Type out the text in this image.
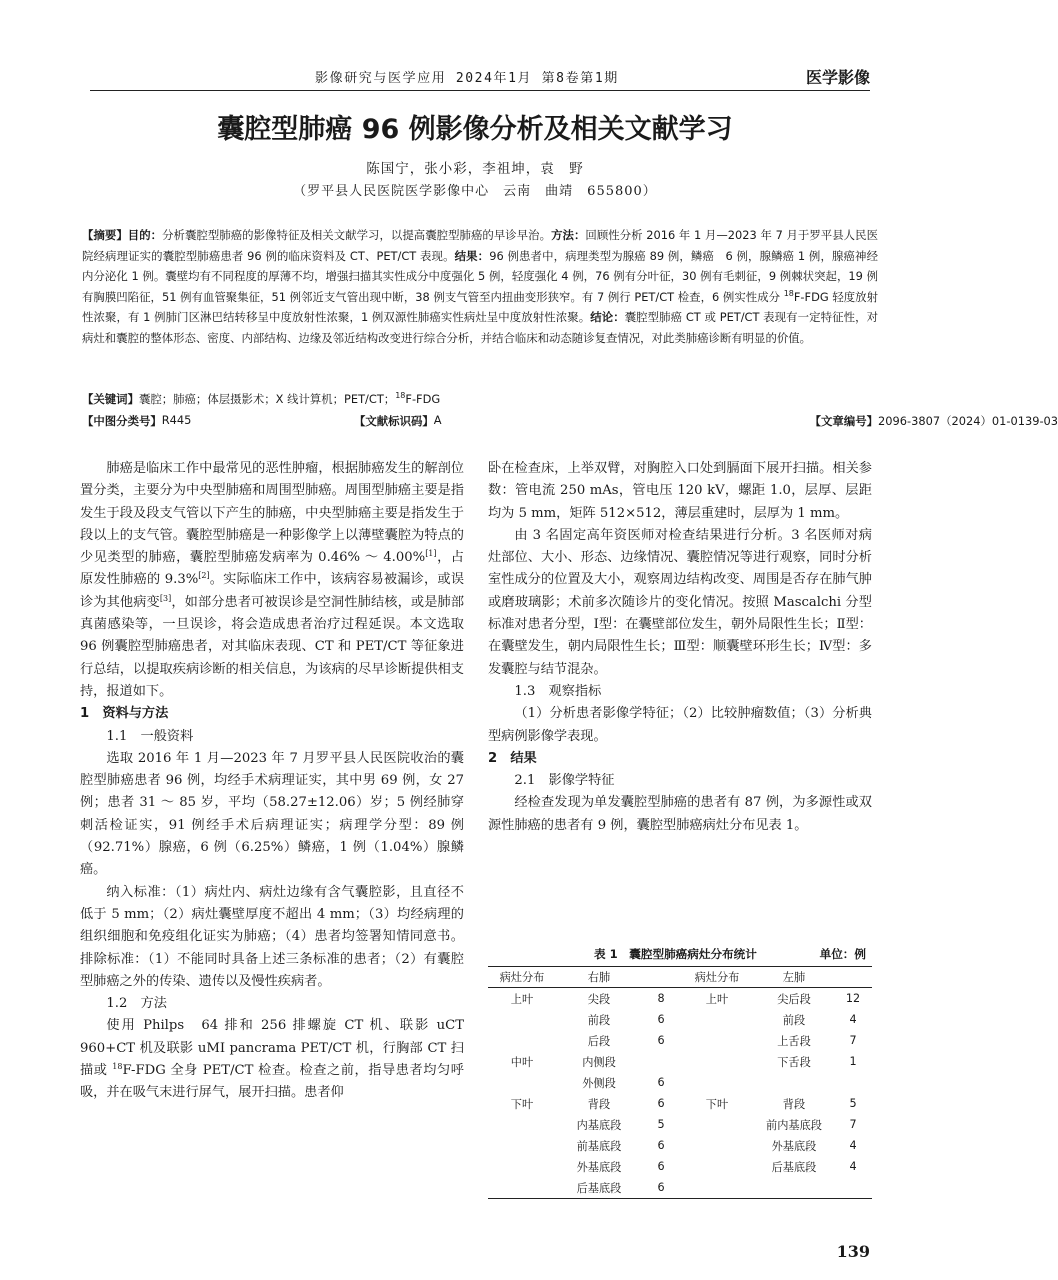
影像研究与医学应用 2024年1月 第8卷第1期	医学影像
囊腔型肺癌 96 例影像分析及相关文献学习
陈国宁，张小彩，李祖坤，袁　野
（罗平县人民医院医学影像中心　云南　曲靖　655800）
【摘要】目的：分析囊腔型肺癌的影像特征及相关文献学习，以提高囊腔型肺癌的早诊早治。方法：回顾性分析 2016 年 1 月—2023 年 7 月于罗平县人民医院经病理证实的囊腔型肺癌患者 96 例的临床资料及 CT、PET/CT 表现。结果：96 例患者中，病理类型为腺癌 89 例，鳞癌　6 例，腺鳞癌 1 例，腺癌神经内分泌化 1 例。囊壁均有不同程度的厚薄不均，增强扫描其实性成分中度强化 5 例，轻度强化 4 例，76 例有分叶征，30 例有毛刺征，9 例棘状突起，19 例有胸膜凹陷征，51 例有血管聚集征，51 例邻近支气管出现中断，38 例支气管至内扭曲变形狭窄。有 7 例行 PET/CT 检查，6 例实性成分 $^{18}$F-FDG 轻度放射性浓聚，有 1 例肺门区淋巴结转移呈中度放射性浓聚，1 例双源性肺癌实性病灶呈中度放射性浓聚。结论：囊腔型肺癌 CT 或 PET/CT 表现有一定特征性，对病灶和囊腔的整体形态、密度、内部结构、边缘及邻近结构改变进行综合分析，并结合临床和动态随诊复查情况，对此类肺癌诊断有明显的价值。
【关键词】囊腔；肺癌；体层摄影术；X 线计算机；PET/CT；$^{18}$F-FDG
【中图分类号】 R445	【文献标识码】 A	【文章编号】 2096-3807（2024）01-0139-03

肺癌是临床工作中最常见的恶性肿瘤，根据肺癌发生的解剖位置分类，主要分为中央型肺癌和周围型肺癌。周围型肺癌主要是指发生于段及段支气管以下产生的肺癌，中央型肺癌主要是指发生于段以上的支气管。囊腔型肺癌是一种影像学上以薄壁囊腔为特点的少见类型的肺癌，囊腔型肺癌发病率为 0.46% ～ 4.00%[1]，占原发性肺癌的 9.3%[2]。实际临床工作中，该病容易被漏诊，或误诊为其他病变[3]，如部分患者可被误诊是空洞性肺结核，或是肺部真菌感染等，一旦误诊，将会造成患者治疗过程延误。本文选取 96 例囊腔型肺癌患者，对其临床表现、CT 和 PET/CT 等征象进行总结，以提取疾病诊断的相关信息，为该病的尽早诊断提供相支持，报道如下。

1　资料与方法

1.1　一般资料

选取 2016 年 1 月—2023 年 7 月罗平县人民医院收治的囊腔型肺癌患者 96 例，均经手术病理证实，其中男 69 例，女 27 例；患者 31 ～ 85 岁，平均（58.27±12.06）岁；5 例经肺穿刺活检证实，91 例经手术后病理证实；病理学分型：89 例（92.71%）腺癌，6 例（6.25%）鳞癌，1 例（1.04%）腺鳞癌。

纳入标准：（1）病灶内、病灶边缘有含气囊腔影，且直径不低于 5 mm；（2）病灶囊壁厚度不超出 4 mm；（3）均经病理的组织细胞和免疫组化证实为肺癌；（4）患者均签署知情同意书。排除标准：（1）不能同时具备上述三条标准的患者；（2）有囊腔型肺癌之外的传染、遗传以及慢性疾病者。

1.2　方法

使用 Philps　64 排和 256 排螺旋 CT 机、联影 uCT 960+CT 机及联影 uMI pancrama PET/CT 机，行胸部 CT 扫描或 $^{18}$F-FDG 全身 PET/CT 检查。检查之前，指导患者均匀呼吸，并在吸气末进行屏气，展开扫描。患者仰

卧在检查床，上举双臂，对胸腔入口处到膈面下展开扫描。相关参数：管电流 250 mAs，管电压 120 kV，螺距 1.0，层厚、层距均为 5 mm，矩阵 512×512，薄层重建时，层厚为 1 mm。

由 3 名固定高年资医师对检查结果进行分析。3 名医师对病灶部位、大小、形态、边缘情况、囊腔情况等进行观察，同时分析室性成分的位置及大小，观察周边结构改变、周围是否存在肺气肿或磨玻璃影；术前多次随诊片的变化情况。按照 Mascalchi 分型标准对患者分型，Ⅰ型：在囊壁部位发生，朝外局限性生长；Ⅱ型：在囊壁发生，朝内局限性生长；Ⅲ型：顺囊壁环形生长；Ⅳ型：多发囊腔与结节混杂。

1.3　观察指标

（1）分析患者影像学特征；（2）比较肿瘤数值；（3）分析典型病例影像学表现。

2　结果

2.1　影像学特征

经检查发现为单发囊腔型肺癌的患者有 87 例，为多源性或双源性肺癌的患者有 9 例，囊腔型肺癌病灶分布见表 1。

表 1　囊腔型肺癌病灶分布统计	单位：例
病灶分布	右肺		病灶分布	左肺	
上叶	尖段	8	上叶	尖后段	12
	前段	6		前段	4
	后段	6		上舌段	7
中叶	内侧段			下舌段	1
	外侧段	6			
下叶	背段	6	下叶	背段	5
	内基底段	5		前内基底段	7
	前基底段	6		外基底段	4
	外基底段	6		后基底段	4
	后基底段	6			
139
